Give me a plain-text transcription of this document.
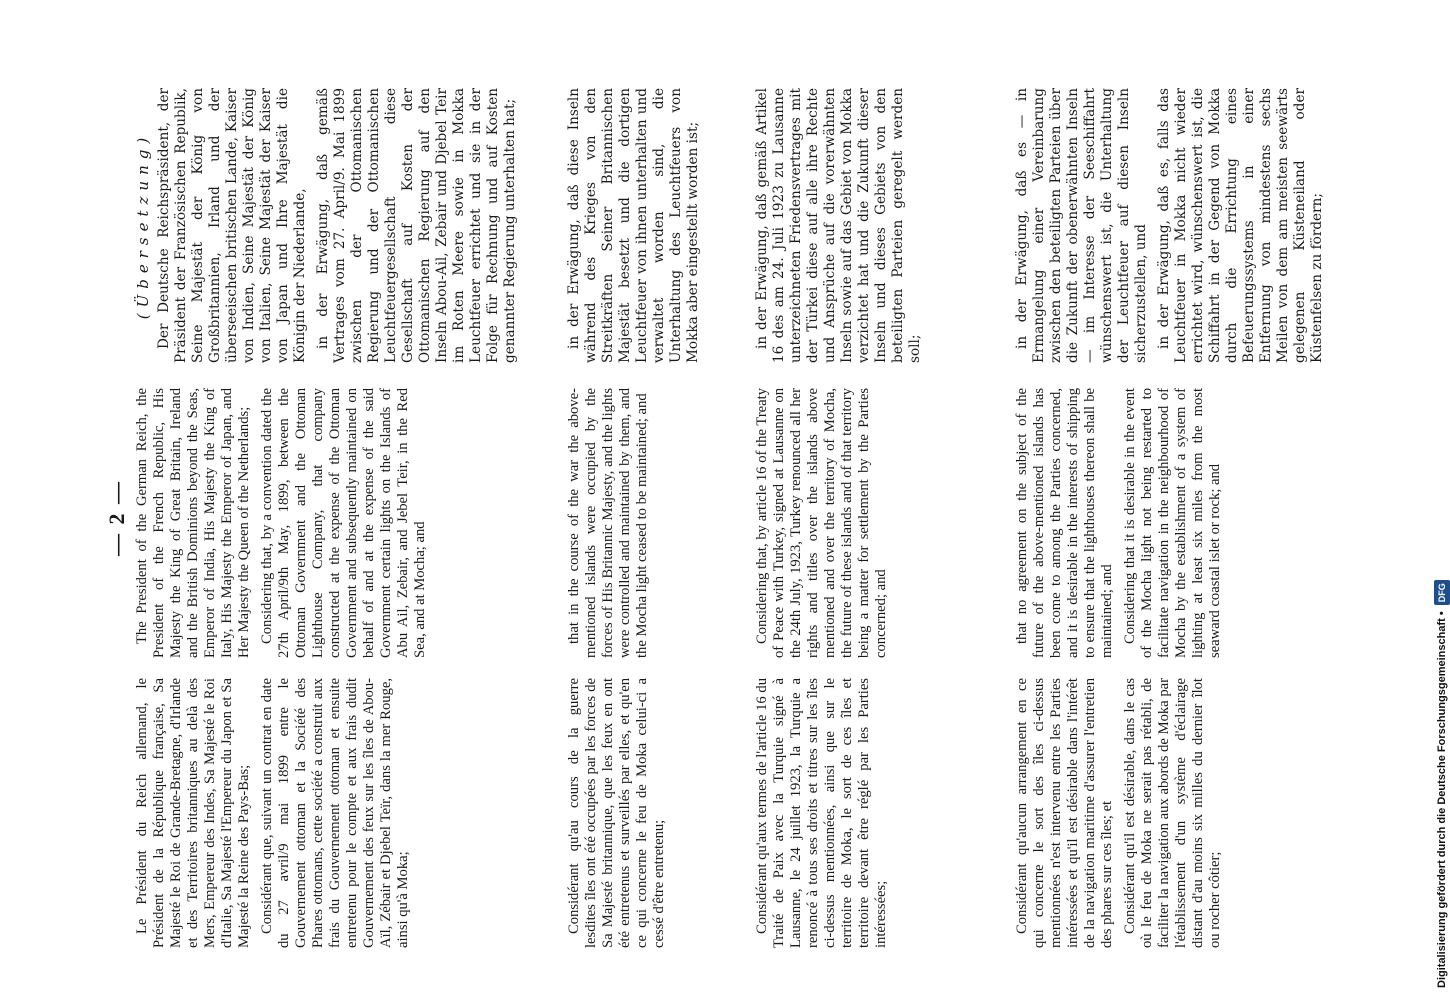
— 2 —

Le Président du Reich allemand, le Président de la République française, Sa Majesté le Roi de Grande-Bretagne, d'Irlande et des Territoires britanniques au delà des Mers, Empereur des Indes, Sa Majesté le Roi d'Italie, Sa Majesté l'Empereur du Japon et Sa Majesté la Reine des Pays-Bas; Considérant que, suivant un contrat en date du 27 avril/9 mai 1899 entre le Gouvernement ottoman et la Société des Phares ottomans, cette société a construit aux frais du Gouvernement ottoman et ensuite entretenu pour le compte et aux frais dudit Gouvernement des feux sur les îles de Abou-Aïl, Zébair et Djebel Teïr, dans la mer Rouge, ainsi qu'à Moka;	Considérant qu'au cours de la guerre lesdites îles ont été occupées par les forces de Sa Majesté britannique, que les feux en ont été entretenus et surveillés par elles, et qu'en ce qui concerne le feu de Moka celui-ci a cessé d'être entretenu;	Considérant qu'aux termes de l'article 16 du Traité de Paix avec la Turquie signé à Lausanne, le 24 juillet 1923, la Turquie a renoncé à tous ses droits et titres sur les îles ci-dessus mentionnées, ainsi que sur le territoire de Moka, le sort de ces îles et territoire devant être réglé par les Parties intéressées;	Considérant qu'aucun arrangement en ce qui concerne le sort des îles ci-dessus mentionnées n'est intervenu entre les Parties intéressées et qu'il est désirable dans l'intérêt de la navigation maritime d'assurer l'entretien des phares sur ces îles; et Considérant qu'il est désirable, dans le cas où le feu de Moka ne serait pas rétabli, de faciliter la navigation aux abords de Moka par l'établissement d'un système d'éclairage distant d'au moins six milles du dernier îlot ou rocher côtier;

The President of the German Reich, the President of the French Republic, His Majesty the King of Great Britain, Ireland and the British Dominions beyond the Seas, Emperor of India, His Majesty the King of Italy, His Majesty the Emperor of Japan, and Her Majesty the Queen of the Netherlands; Considering that, by a convention dated the 27th April/9th May, 1899, between the Ottoman Government and the Ottoman Lighthouse Company, that company constructed at the expense of the Ottoman Government and subsequently maintained on behalf of and at the expense of the said Government certain lights on the Islands of Abu Ail, Zebair, and Jebel Teir, in the Red Sea, and at Mocha; and	that in the course of the war the above-mentioned islands were occupied by the forces of His Britannic Majesty, and the lights were controlled and maintained by them, and the Mocha light ceased to be maintained; and	Considering that, by article 16 of the Treaty of Peace with Turkey, signed at Lausanne on the 24th July, 1923, Turkey renounced all her rights and titles over the islands above mentioned and over the territory of Mocha, the future of these islands and of that territory being a matter for settlement by the Parties concerned; and	that no agreement on the subject of the future of the above-mentioned islands has been come to among the Parties concerned, and it is desirable in the interests of shipping to ensure that the lighthouses thereon shall be maintained; and Considering that it is desirable in the event of the Mocha light not being restarted to facilitate navigation in the neighbourhood of Mocha by the establishment of a system of lighting at least six miles from the most seaward coastal islet or rock; and

(Übersetzung) Der Deutsche Reichspräsident, der Präsident der Französischen Republik, Seine Majestät der König von Großbritannien, Irland und der überseeischen britischen Lande, Kaiser von Indien, Seine Majestät der König von Italien, Seine Majestät der Kaiser von Japan und Ihre Majestät die Königin der Niederlande, in der Erwägung, daß gemäß Vertrages vom 27. April/9. Mai 1899 zwischen der Ottomanischen Regierung und der Ottomanischen Leuchtfeuergesellschaft diese Gesellschaft auf Kosten der Ottomanischen Regierung auf den Inseln Abou-Ail, Zebair und Djebel Teir im Roten Meere sowie in Mokka Leuchtfeuer errichtet und sie in der Folge für Rechnung und auf Kosten genannter Regierung unterhalten hat;	in der Erwägung, daß diese Inseln während des Krieges von den Streitkräften Seiner Britannischen Majestät besetzt und die dortigen Leuchtfeuer von ihnen unterhalten und verwaltet worden sind, die Unterhaltung des Leuchtfeuers von Mokka aber eingestellt worden ist;	in der Erwägung, daß gemäß Artikel 16 des am 24. Juli 1923 zu Lausanne unterzeichneten Friedensvertrages mit der Türkei diese auf alle ihre Rechte und Ansprüche auf die vorerwähnten Inseln sowie auf das Gebiet von Mokka verzichtet hat und die Zukunft dieser Inseln und dieses Gebiets von den beteiligten Parteien geregelt werden soll;	in der Erwägung, daß es — in Ermangelung einer Vereinbarung zwischen den beteiligten Parteien über die Zukunft der obenerwähnten Inseln — im Interesse der Seeschiffahrt wünschenswert ist, die Unterhaltung der Leuchtfeuer auf diesen Inseln sicherzustellen, und in der Erwägung, daß es, falls das Leuchtfeuer in Mokka nicht wieder errichtet wird, wünschenswert ist, die Schiffahrt in der Gegend von Mokka durch die Errichtung eines Befeuerungssystems in einer Entfernung von mindestens sechs Meilen von dem am meisten seewärts gelegenen Küsteneiland oder Küstenfelsen zu fördern;

Digitalisierung gefördert durch die Deutsche Forschungsgemeinschaft •DFG
